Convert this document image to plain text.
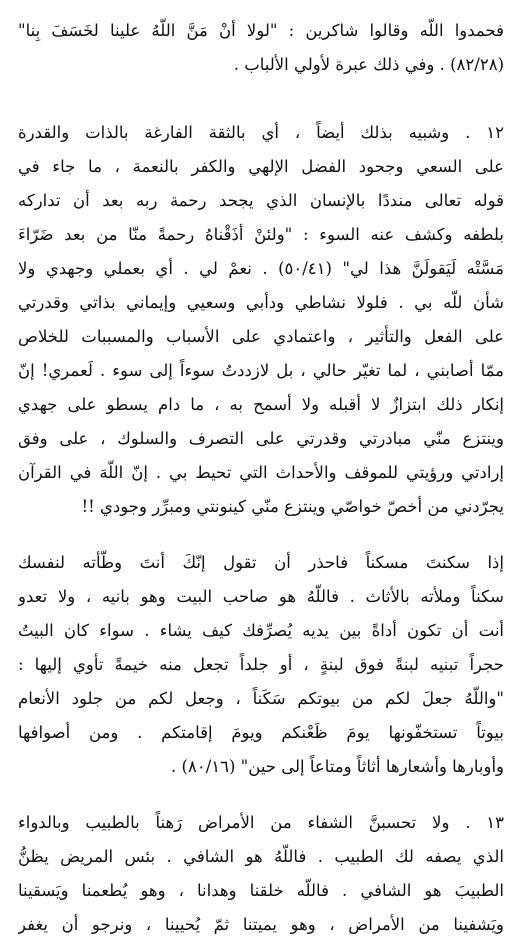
فحمدوا اللّه وقالوا شاكرين : "لولا أنْ مَنَّ اللّهُ علينا لخَسَفَ بِنا"
(٨٢/٢٨) . وفي ذلك عبرة لأولي الألباب .
١٢ . وشبيه بذلك أيضاً ، أي بالثقة الفارغة بالذات والقدرة
على السعي وجحود الفضل الإلهي والكفر بالنعمة ، ما جاء في
قوله تعالى منددًا بالإنسان الذي يجحد رحمة ربه بعد أن تداركه
بلطفه وكشف عنه السوء : "ولئنْ أذَقْناهُ رحمةً منّا من بعد ضَرّاءَ
مَسَّتْه لَيَقولَنَّ هذا لي" (٥٠/٤١) . نعمْ لي . أي بعملي وجهدي ولا
شأن للّه بي . فلولا نشاطي ودأبي وسعيي وإيماني بذاتي وقدرتي
على الفعل والتأثير ، واعتمادي على الأسباب والمسببات للخلاص
ممّا أصابني ، لما تغيّر حالي ، بل لازددتُ سوءاً إلى سوء . لَعمري! إنّ
إنكار ذلك ابتزازٌ لا أقبله ولا أسمح به ، ما دام يسطو على جهدي
وينتزع منّي مبادرتي وقدرتي على التصرف والسلوك ، على وفق
إرادتي ورؤيتي للموقف والأحداث التي تحيط بي . إنّ اللّهَ في القرآن
يجرّدني من أخصّ خواصّي وينتزع منّي كينونتي ومبرِّر وجودي !!
إذا سكنتَ مسكناً فاحذر أن تقول إنّكَ أنتَ وطّأته لنفسك
سكناً وملأته بالأثاث . فاللّهُ هو صاحب البيت وهو بانيه ، ولا تعدو
أنت أن تكون أداةً بين يديه يُصرِّفك كيف يشاء . سواء كان البيتُ
حجراً تبنيه لبنةً فوق لبنةٍ ، أو جلداً تجعل منه خيمةً تأوي إليها :
"واللّهُ جعلَ لكم من بيوتكم سَكَناً ، وجعل لكم من جلود الأنعام
بيوتاً تستخفّونها يومَ ظَعْنكم ويومَ إقامتكم . ومن أصوافها
وأوبارها وأشعارها أثاثاً ومتاعاً إلى حين" (٨٠/١٦) .
١٣ . ولا تحسبنَّ الشفاء من الأمراض رَهناً بالطبيب وبالدواء
الذي يصفه لك الطبيب . فاللّهُ هو الشافي . بئس المريض يظنُّ
الطبيبَ هو الشافي . فاللّه خلقنا وهدانا ، وهو يُطعمنا ويَسقينا
ويَشفينا من الأمراض ، وهو يميتنا ثمّ يُحيينا ، ونرجو أن يغفر
